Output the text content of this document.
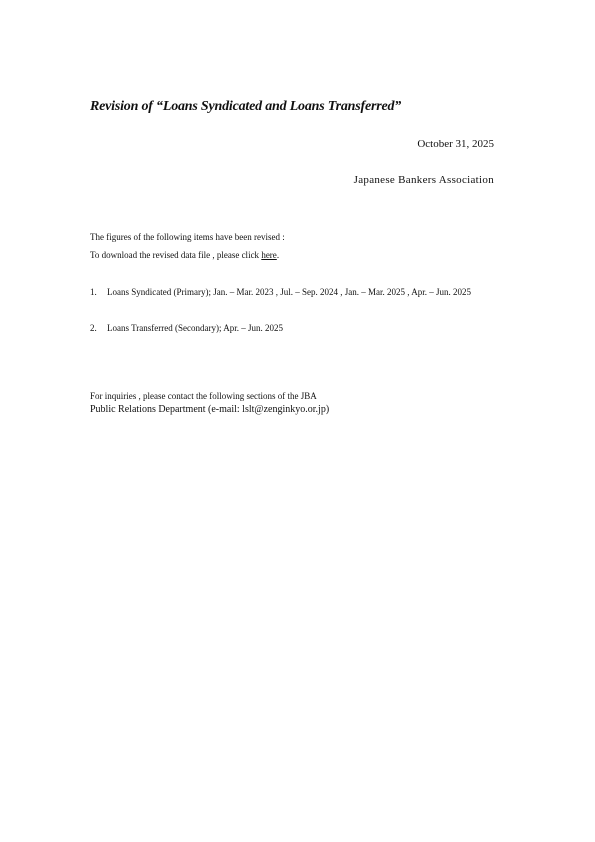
Revision of “Loans Syndicated and Loans Transferred”
October 31, 2025
Japanese Bankers Association
The figures of the following items have been revised :
To download the revised data file , please click here.
1. Loans Syndicated (Primary); Jan. – Mar. 2023 , Jul. – Sep. 2024 , Jan. – Mar. 2025 , Apr. – Jun. 2025
2. Loans Transferred (Secondary); Apr. – Jun. 2025
For inquiries , please contact the following sections of the JBA
Public Relations Department (e-mail: lslt@zenginkyo.or.jp)
